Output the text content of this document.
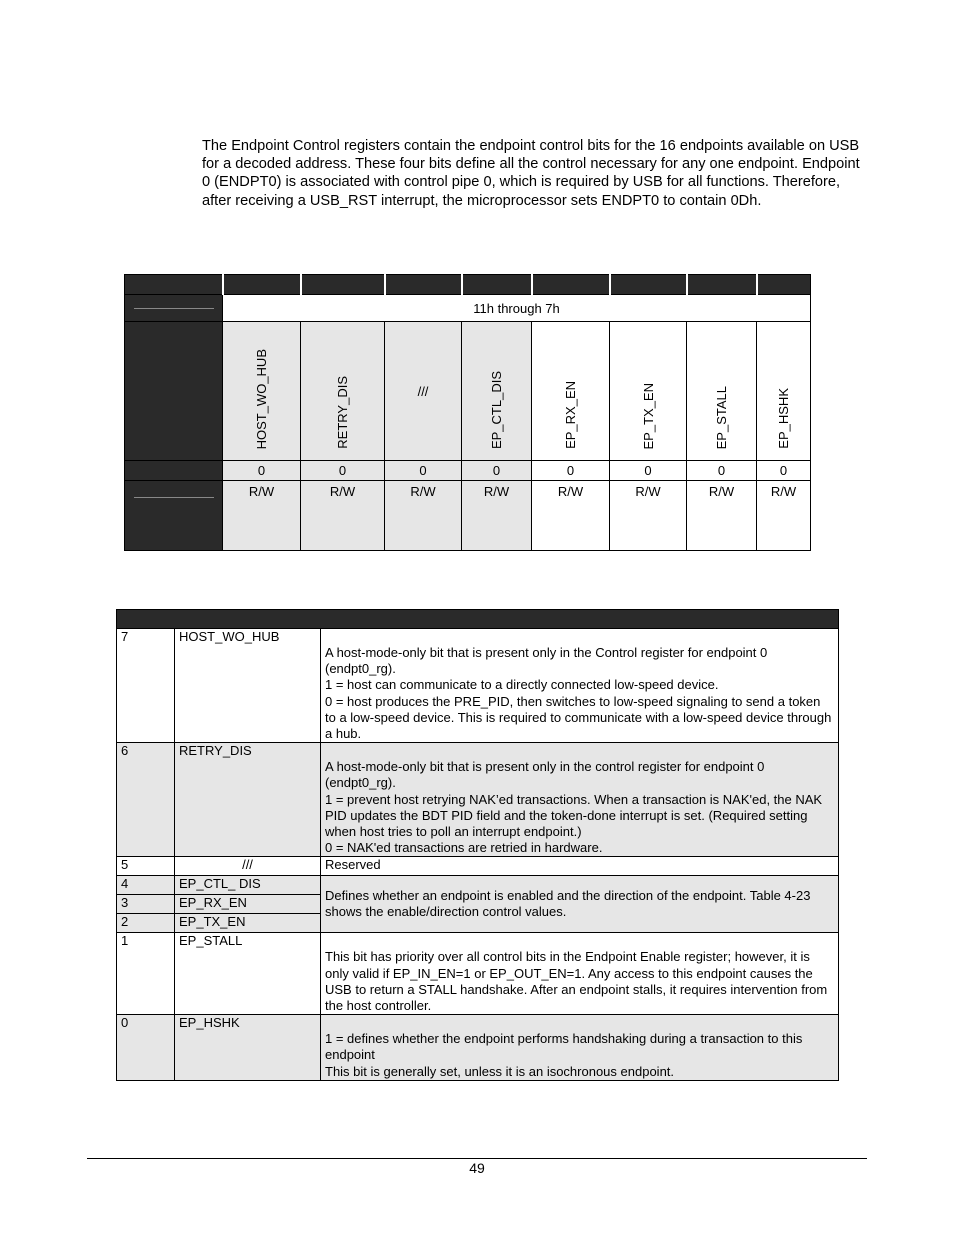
The Endpoint Control registers contain the endpoint control bits for the 16 endpoints available on USB for a decoded address. These four bits define all the control necessary for any one endpoint. Endpoint 0 (ENDPT0) is associated with control pipe 0, which is required by USB for all functions. Therefore, after receiving a USB_RST interrupt, the microprocessor sets ENDPT0 to contain 0Dh.

	11h through 7h							
	HOST_WO_HUB	RETRY_DIS	///	EP_CTL_DIS	EP_RX_EN	EP_TX_EN	EP_STALL	EP_HSHK
	0	0	0	0	0	0	0	0

	R/W	R/W	R/W	R/W	R/W	R/W	R/W	R/W

7	HOST_WO_HUB	A host-mode-only bit that is present only in the Control register for endpoint 0 (endpt0_rg).
1 = host can communicate to a directly connected low-speed device.
0 = host produces the PRE_PID, then switches to low-speed signaling to send a token to a low-speed device. This is required to communicate with a low-speed device through a hub.

6	RETRY_DIS	A host-mode-only bit that is present only in the control register for endpoint 0 (endpt0_rg).
1 = prevent host retrying NAK’ed transactions. When a transaction is NAK'ed, the NAK PID updates the BDT PID field and the token-done interrupt is set. (Required setting when host tries to poll an interrupt endpoint.)
0 = NAK'ed transactions are retried in hardware.

5	///	Reserved

4	EP_CTL_ DIS	Defines whether an endpoint is enabled and the direction of the endpoint. Table 4-23 shows the enable/direction control values.
3	EP_RX_EN	
2	EP_TX_EN	
1	EP_STALL	This bit has priority over all control bits in the Endpoint Enable register; however, it is only valid if EP_IN_EN=1 or EP_OUT_EN=1. Any access to this endpoint causes the USB to return a STALL handshake. After an endpoint stalls, it requires intervention from the host controller.

0	EP_HSHK	1 = defines whether the endpoint performs handshaking during a transaction to this endpoint
This bit is generally set, unless it is an isochronous endpoint.
49
